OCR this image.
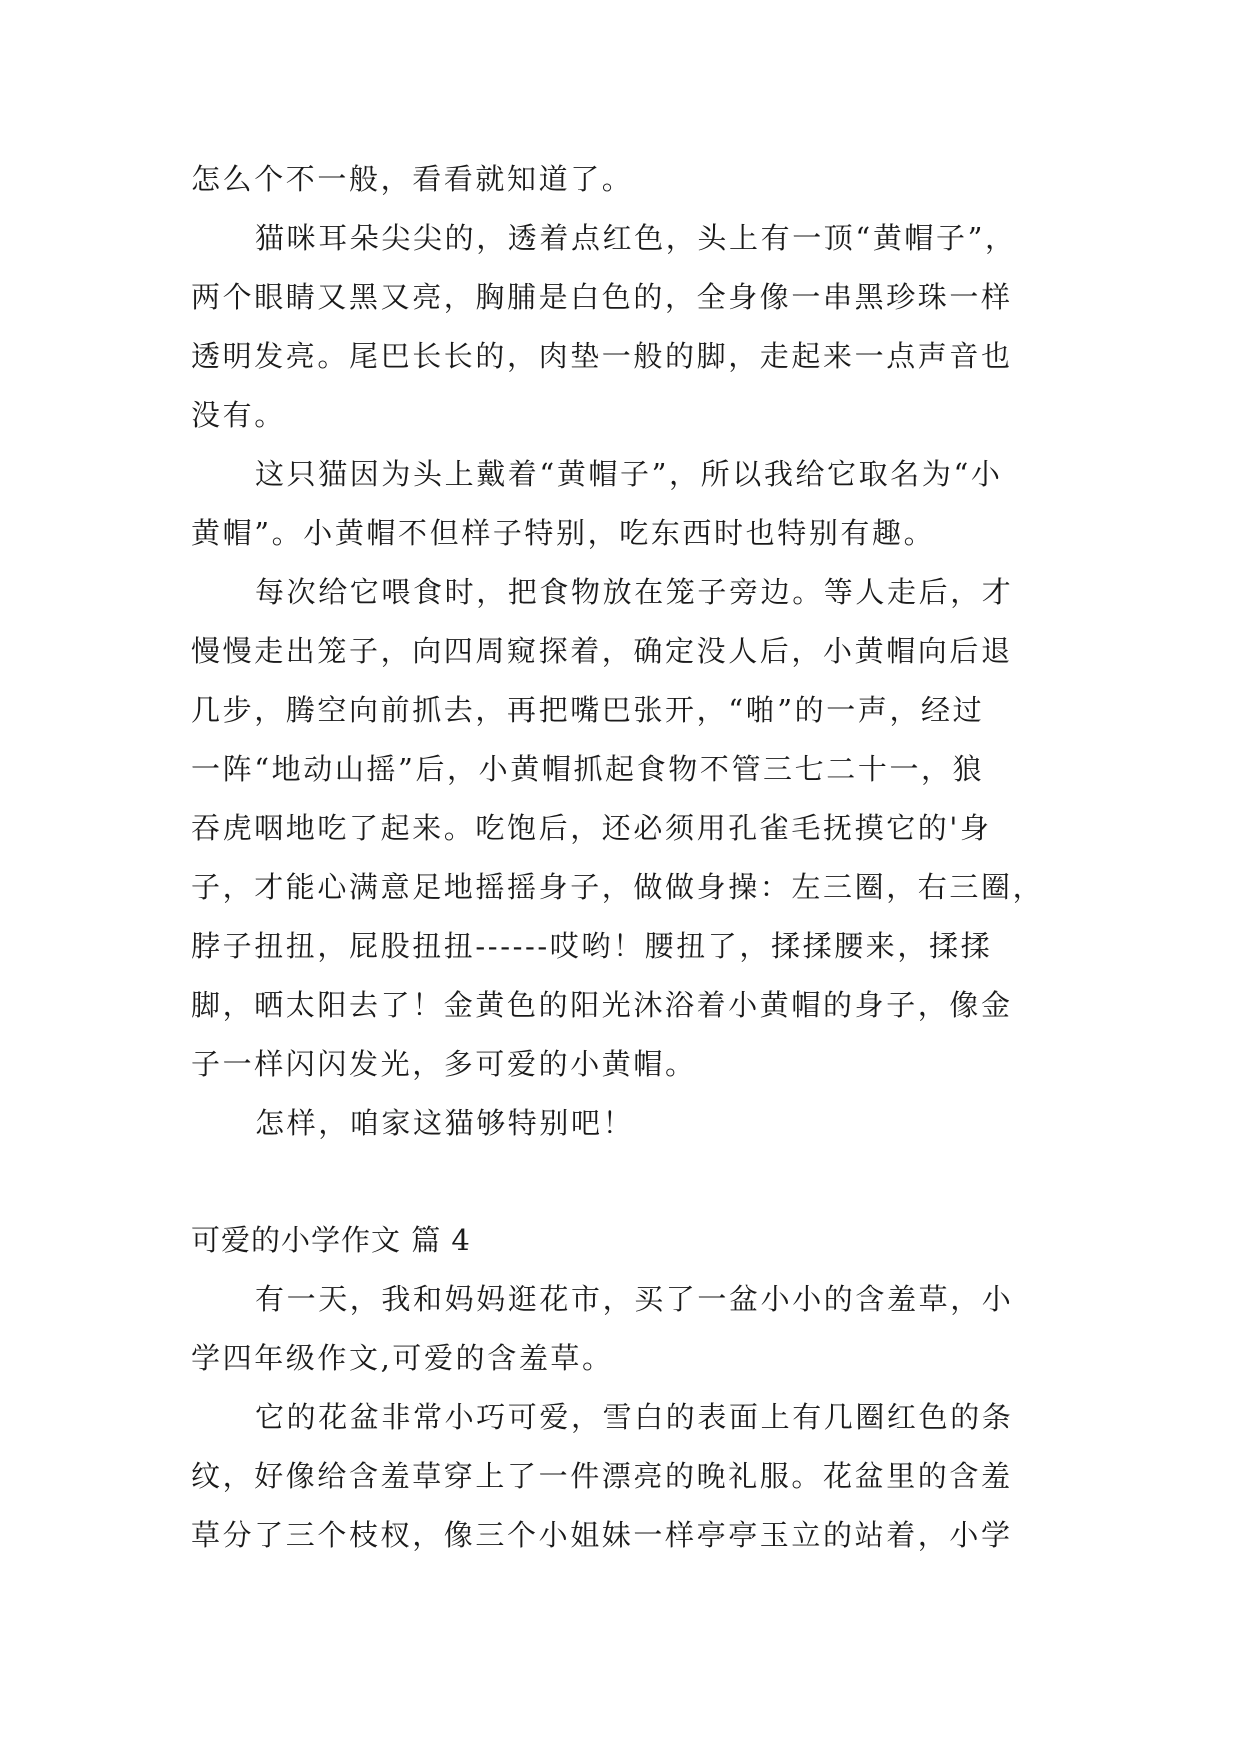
怎么个不一般，看看就知道了。
猫咪耳朵尖尖的，透着点红色，头上有一顶“黄帽子”，
两个眼睛又黑又亮，胸脯是白色的，全身像一串黑珍珠一样
透明发亮。尾巴长长的，肉垫一般的脚，走起来一点声音也
没有。
这只猫因为头上戴着“黄帽子”，所以我给它取名为“小
黄帽”。小黄帽不但样子特别，吃东西时也特别有趣。
每次给它喂食时，把食物放在笼子旁边。等人走后，才
慢慢走出笼子，向四周窥探着，确定没人后，小黄帽向后退
几步，腾空向前抓去，再把嘴巴张开，“啪”的一声，经过
一阵“地动山摇”后，小黄帽抓起食物不管三七二十一，狼
吞虎咽地吃了起来。吃饱后，还必须用孔雀毛抚摸它的'身
子，才能心满意足地摇摇身子，做做身操：左三圈，右三圈，
脖子扭扭，屁股扭扭------哎哟！腰扭了，揉揉腰来，揉揉
脚，晒太阳去了！金黄色的阳光沐浴着小黄帽的身子，像金
子一样闪闪发光，多可爱的小黄帽。
怎样，咱家这猫够特别吧！
可爱的小学作文 篇 4
有一天，我和妈妈逛花市，买了一盆小小的含羞草，小
学四年级作文,可爱的含羞草。
它的花盆非常小巧可爱，雪白的表面上有几圈红色的条
纹，好像给含羞草穿上了一件漂亮的晚礼服。花盆里的含羞
草分了三个枝杈，像三个小姐妹一样亭亭玉立的站着，小学
